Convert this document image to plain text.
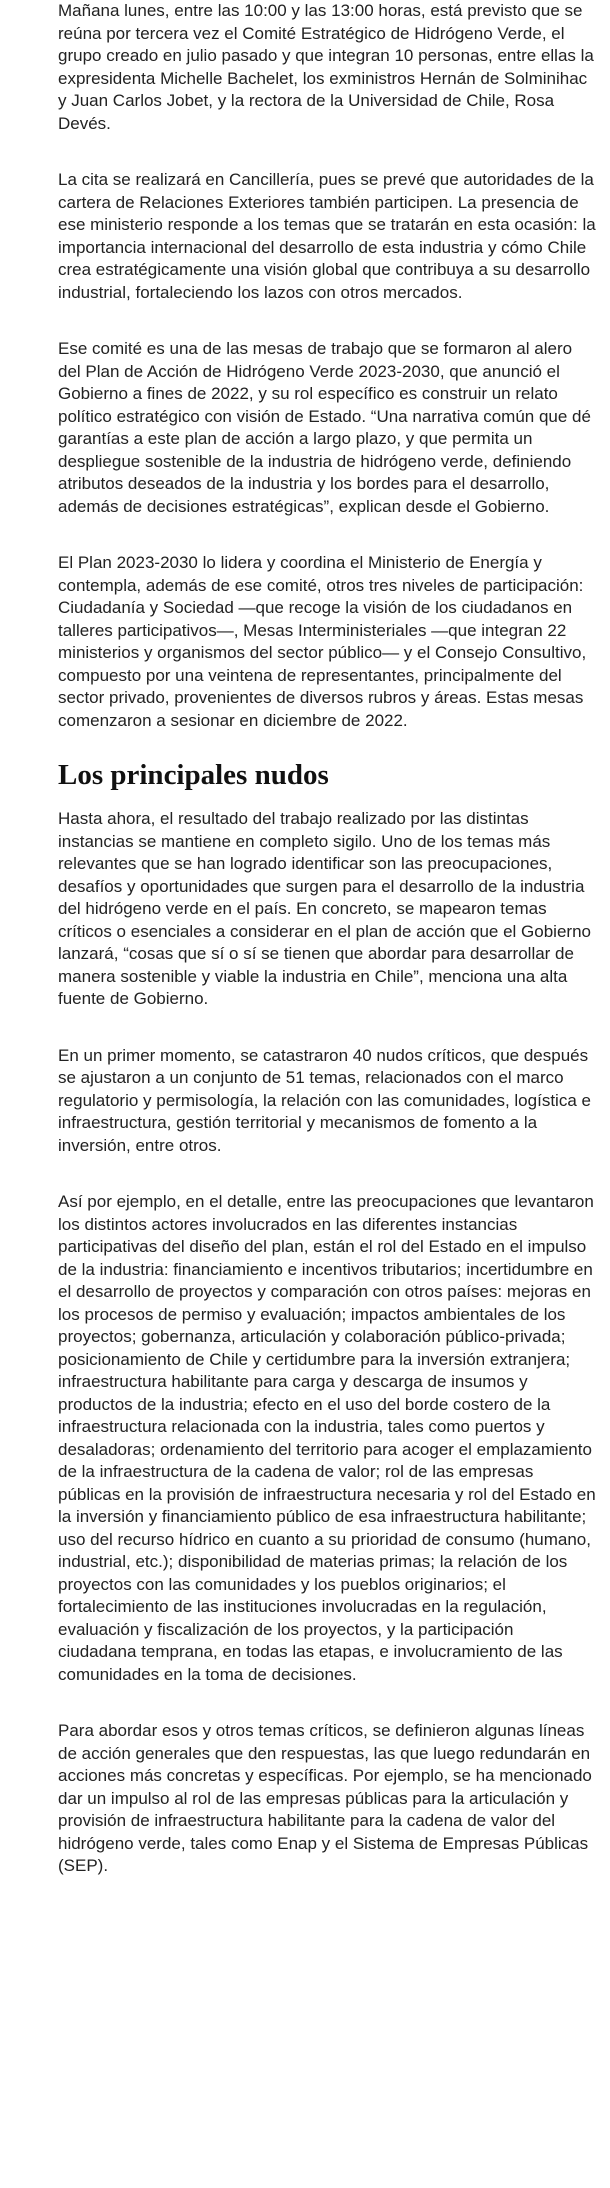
Mañana lunes, entre las 10:00 y las 13:00 horas, está previsto que se reúna por tercera vez el Comité Estratégico de Hidrógeno Verde, el grupo creado en julio pasado y que integran 10 personas, entre ellas la expresidenta Michelle Bachelet, los exministros Hernán de Solminihac y Juan Carlos Jobet, y la rectora de la Universidad de Chile, Rosa Devés.

La cita se realizará en Cancillería, pues se prevé que autoridades de la cartera de Relaciones Exteriores también participen. La presencia de ese ministerio responde a los temas que se tratarán en esta ocasión: la importancia internacional del desarrollo de esta industria y cómo Chile crea estratégicamente una visión global que contribuya a su desarrollo industrial, fortaleciendo los lazos con otros mercados.

Ese comité es una de las mesas de trabajo que se formaron al alero del Plan de Acción de Hidrógeno Verde 2023-2030, que anunció el Gobierno a fines de 2022, y su rol específico es construir un relato político estratégico con visión de Estado. “Una narrativa común que dé garantías a este plan de acción a largo plazo, y que permita un despliegue sostenible de la industria de hidrógeno verde, definiendo atributos deseados de la industria y los bordes para el desarrollo, además de decisiones estratégicas”, explican desde el Gobierno.

El Plan 2023-2030 lo lidera y coordina el Ministerio de Energía y contempla, además de ese comité, otros tres niveles de participación: Ciudadanía y Sociedad —que recoge la visión de los ciudadanos en talleres participativos—, Mesas Interministeriales —que integran 22 ministerios y organismos del sector público— y el Consejo Consultivo, compuesto por una veintena de representantes, principalmente del sector privado, provenientes de diversos rubros y áreas. Estas mesas comenzaron a sesionar en diciembre de 2022.

Los principales nudos

Hasta ahora, el resultado del trabajo realizado por las distintas instancias se mantiene en completo sigilo. Uno de los temas más relevantes que se han logrado identificar son las preocupaciones, desafíos y oportunidades que surgen para el desarrollo de la industria del hidrógeno verde en el país. En concreto, se mapearon temas críticos o esenciales a considerar en el plan de acción que el Gobierno lanzará, “cosas que sí o sí se tienen que abordar para desarrollar de manera sostenible y viable la industria en Chile”, menciona una alta fuente de Gobierno.

En un primer momento, se catastraron 40 nudos críticos, que después se ajustaron a un conjunto de 51 temas, relacionados con el marco regulatorio y permisología, la relación con las comunidades, logística e infraestructura, gestión territorial y mecanismos de fomento a la inversión, entre otros.

Así por ejemplo, en el detalle, entre las preocupaciones que levantaron los distintos actores involucrados en las diferentes instancias participativas del diseño del plan, están el rol del Estado en el impulso de la industria: financiamiento e incentivos tributarios; incertidumbre en el desarrollo de proyectos y comparación con otros países: mejoras en los procesos de permiso y evaluación; impactos ambientales de los proyectos; gobernanza, articulación y colaboración público-privada; posicionamiento de Chile y certidumbre para la inversión extranjera; infraestructura habilitante para carga y descarga de insumos y productos de la industria; efecto en el uso del borde costero de la infraestructura relacionada con la industria, tales como puertos y desaladoras; ordenamiento del territorio para acoger el emplazamiento de la infraestructura de la cadena de valor; rol de las empresas públicas en la provisión de infraestructura necesaria y rol del Estado en la inversión y financiamiento público de esa infraestructura habilitante; uso del recurso hídrico en cuanto a su prioridad de consumo (humano, industrial, etc.); disponibilidad de materias primas; la relación de los proyectos con las comunidades y los pueblos originarios; el fortalecimiento de las instituciones involucradas en la regulación, evaluación y fiscalización de los proyectos, y la participación ciudadana temprana, en todas las etapas, e involucramiento de las comunidades en la toma de decisiones.

Para abordar esos y otros temas críticos, se definieron algunas líneas de acción generales que den respuestas, las que luego redundarán en acciones más concretas y específicas. Por ejemplo, se ha mencionado dar un impulso al rol de las empresas públicas para la articulación y provisión de infraestructura habilitante para la cadena de valor del hidrógeno verde, tales como Enap y el Sistema de Empresas Públicas (SEP).
